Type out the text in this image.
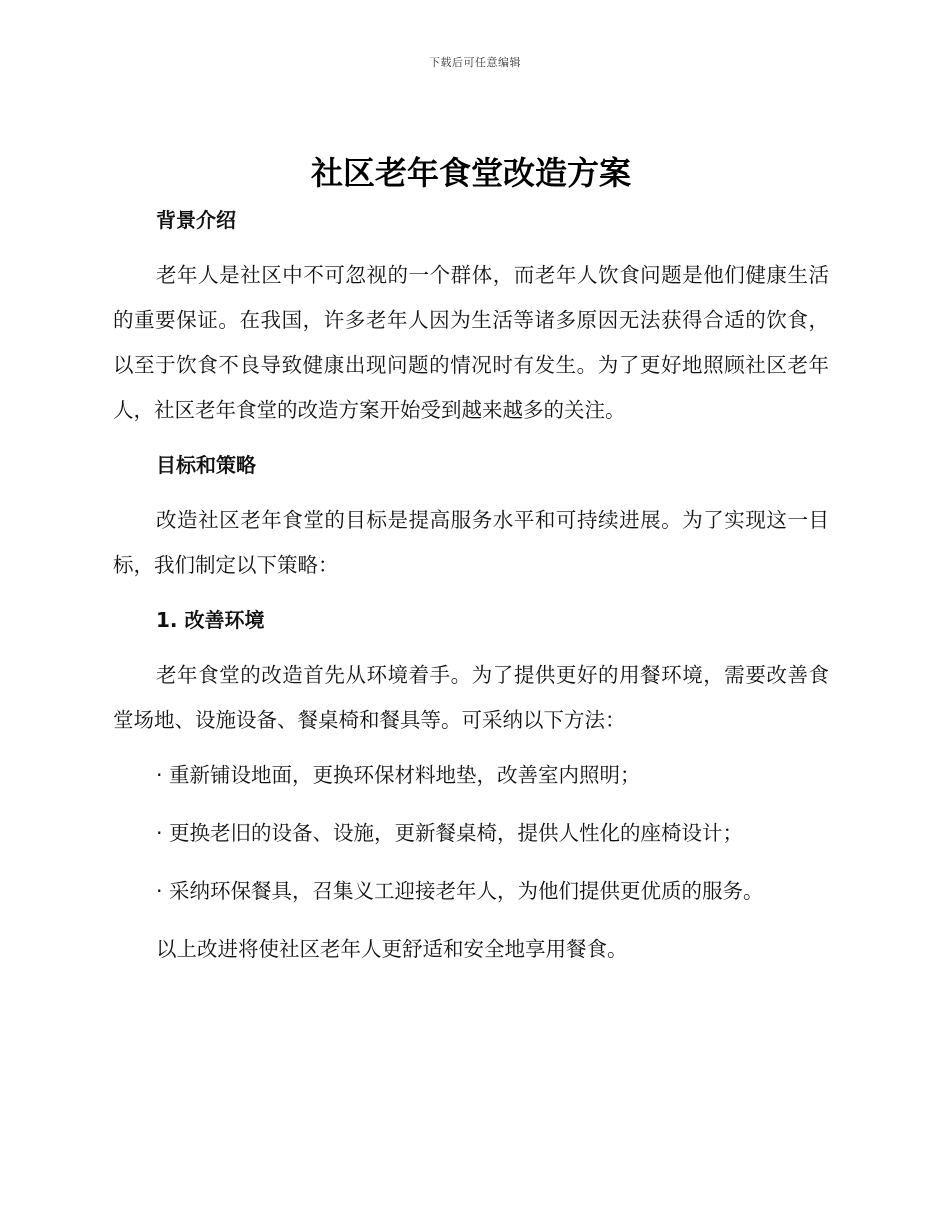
下载后可任意编辑
社区老年食堂改造方案
背景介绍

老年人是社区中不可忽视的一个群体，而老年人饮食问题是他们健康生活的重要保证。在我国，许多老年人因为生活等诸多原因无法获得合适的饮食，以至于饮食不良导致健康出现问题的情况时有发生。为了更好地照顾社区老年人，社区老年食堂的改造方案开始受到越来越多的关注。

目标和策略

改造社区老年食堂的目标是提高服务水平和可持续进展。为了实现这一目标，我们制定以下策略：

1. 改善环境

老年食堂的改造首先从环境着手。为了提供更好的用餐环境，需要改善食堂场地、设施设备、餐桌椅和餐具等。可采纳以下方法：

· 重新铺设地面，更换环保材料地垫，改善室内照明；

· 更换老旧的设备、设施，更新餐桌椅，提供人性化的座椅设计；

· 采纳环保餐具，召集义工迎接老年人，为他们提供更优质的服务。

以上改进将使社区老年人更舒适和安全地享用餐食。
